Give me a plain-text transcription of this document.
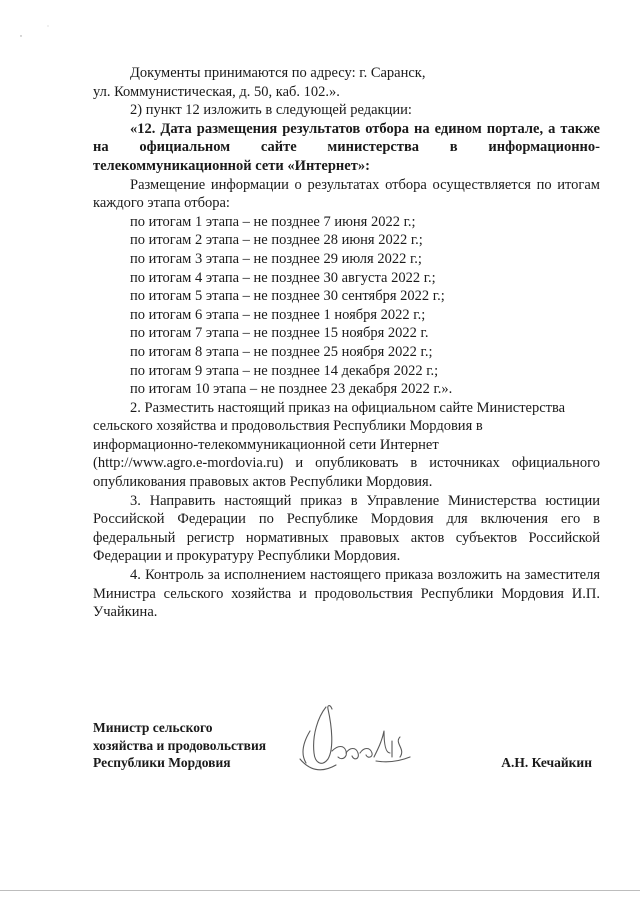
Документы принимаются по адресу: г. Саранск,

ул. Коммунистическая, д. 50, каб. 102.».

2) пункт 12 изложить в следующей редакции:

«12. Дата размещения результатов отбора на едином портале, а также на официальном сайте министерства в информационно-телекоммуникационной сети «Интернет»:

Размещение информации о результатах отбора осуществляется по итогам каждого этапа отбора:

по итогам 1 этапа – не позднее 7 июня 2022 г.;

по итогам 2 этапа – не позднее 28 июня 2022 г.;

по итогам 3 этапа – не позднее 29 июля 2022 г.;

по итогам 4 этапа – не позднее 30 августа 2022 г.;

по итогам 5 этапа – не позднее 30 сентября 2022 г.;

по итогам 6 этапа – не позднее 1 ноября 2022 г.;

по итогам 7 этапа – не позднее 15 ноября 2022 г.

по итогам 8 этапа – не позднее 25 ноября 2022 г.;

по итогам 9 этапа – не позднее 14 декабря 2022 г.;

по итогам 10 этапа – не позднее 23 декабря 2022 г.».

2. Разместить настоящий приказ на официальном сайте Министерства

сельского хозяйства и продовольствия Республики Мордовия в

информационно-телекоммуникационной сети Интернет

(http://www.agro.e-mordovia.ru) и опубликовать в источниках официального опубликования правовых актов Республики Мордовия.

3. Направить настоящий приказ в Управление Министерства юстиции Российской Федерации по Республике Мордовия для включения его в федеральный регистр нормативных правовых актов субъектов Российской Федерации и прокуратуру Республики Мордовия.

4. Контроль за исполнением настоящего приказа возложить на заместителя Министра сельского хозяйства и продовольствия Республики Мордовия И.П. Учайкина.

Министр сельского
хозяйства и продовольствия
Республики Мордовия	А.Н. Кечайкин
